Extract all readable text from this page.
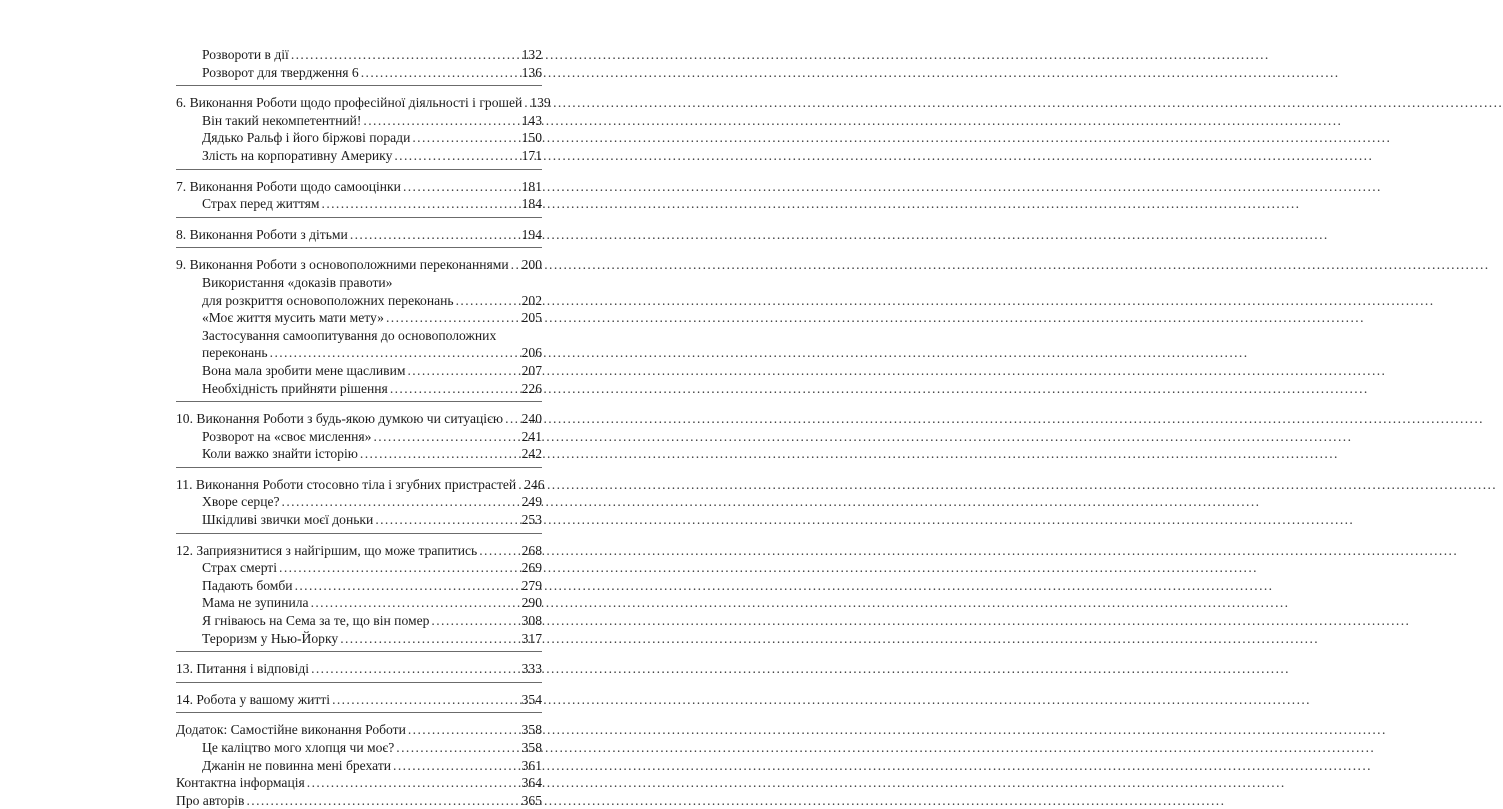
Розвороти в дії .....	132
Розворот для твердження 6 .....	136
6. Виконання Роботи щодо професійної діяльності і грошей ..... 139
Він такий некомпетентний! .....	143
Дядько Ральф і його біржові поради .....	150
Злість на корпоративну Америку .....	171
7. Виконання Роботи щодо самооцінки .....	181
Страх перед життям .....	184
8. Виконання Роботи з дітьми .....	194
9. Виконання Роботи з основоположними переконаннями ..... 200
Використання «доказів правоти»
для розкриття основоположних переконань .....	202
«Моє життя мусить мати мету» .....	205
Застосування самоопитування до основоположних
переконань .....	206
Вона мала зробити мене щасливим .....	207
Необхідність прийняти рішення .....	226
10. Виконання Роботи з будь-якою думкою чи ситуацією ..... 240
Розворот на «своє мислення» .....	241
Коли важко знайти історію .....	242
11. Виконання Роботи стосовно тіла і згубних пристрастей ..... 246
Хворе серце? .....	249
Шкідливі звички моєї доньки .....	253
12. Заприязнитися з найгіршим, що може трапитись .....	268
Страх смерті .....	269
Падають бомби .....	279
Мама не зупинила .....	290
Я гніваюсь на Сема за те, що він помер .....	308
Тероризм у Нью-Йорку .....	317
13. Питання і відповіді .....	333
14. Робота у вашому житті .....	354
Додаток: Самостійне виконання Роботи .....	358
Це каліцтво мого хлопця чи моє? .....	358
Джанін не повинна мені брехати .....	361
Контактна інформація .....	364
Про авторів .....	365
